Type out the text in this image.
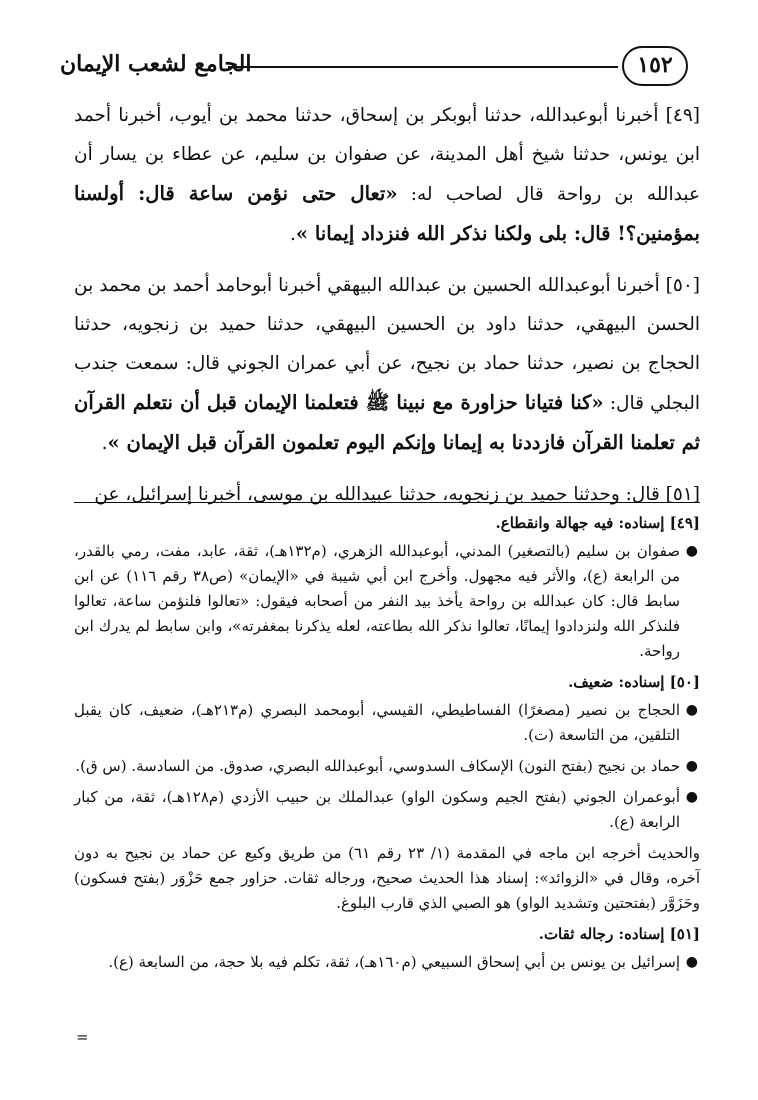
الجامع لشعب الإيمان	١٥٢

[٤٩] أخبرنا أبوعبدالله، حدثنا أبوبكر بن إسحاق، حدثنا محمد بن أيوب، أخبرنا أحمد ابن يونس، حدثنا شيخ أهل المدينة، عن صفوان بن سليم، عن عطاء بن يسار أن عبدالله بن رواحة قال لصاحب له: «تعال حتى نؤمن ساعة قال: أولسنا بمؤمنين؟! قال: بلى ولكنا نذكر الله فنزداد إيمانا ».

[٥٠] أخبرنا أبوعبدالله الحسين بن عبدالله البيهقي أخبرنا أبوحامد أحمد بن محمد بن الحسن البيهقي، حدثنا داود بن الحسين البيهقي، حدثنا حميد بن زنجويه، حدثنا الحجاج بن نصير، حدثنا حماد بن نجيح، عن أبي عمران الجوني قال: سمعت جندب البجلي قال: «كنا فتيانا حزاورة مع نبينا ﷺ فتعلمنا الإيمان قبل أن نتعلم القرآن ثم تعلمنا القرآن فازددنا به إيمانا وإنكم اليوم تعلمون القرآن قبل الإيمان ».

[٥١] قال: وحدثنا حميد بن زنجويه، حدثنا عبيدالله بن موسى، أخبرنا إسرائيل، عن

[٤٩] إسناده: فيه جهالة وانقطاع.
●
صفوان بن سليم (بالتصغير) المدني، أبوعبدالله الزهري، (م١٣٢هـ)، ثقة، عابد، مفت، رمي بالقدر، من الرابعة (ع)، والأثر فيه مجهول. وأخرج ابن أبي شيبة في «الإيمان» (ص٣٨ رقم ١١٦) عن ابن سابط قال: كان عبدالله بن رواحة يأخذ بيد النفر من أصحابه فيقول: «تعالوا فلنؤمن ساعة، تعالوا فلنذكر الله ولنزدادوا إيمانًا، تعالوا نذكر الله بطاعته، لعله يذكرنا بمغفرته»، وابن سابط لم يدرك ابن رواحة.
[٥٠] إسناده: ضعيف.
●
الحجاج بن نصير (مصغرًا) الفساطيطي، القيسي، أبومحمد البصري (م٢١٣هـ)، ضعيف، كان يقبل التلقين، من التاسعة (ت).
●
حماد بن نجيح (بفتح النون) الإسكاف السدوسي، أبوعبدالله البصري، صدوق. من السادسة. (س ق).
●
أبوعمران الجوني (بفتح الجيم وسكون الواو) عبدالملك بن حبيب الأزدي (م١٢٨هـ)، ثقة، من كبار الرابعة (ع).
والحديث أخرجه ابن ماجه في المقدمة (١/ ٢٣ رقم ٦١) من طريق وكيع عن حماد بن نجيح به دون آخره، وقال في «الزوائد»: إسناد هذا الحديث صحيح، ورجاله ثقات. حزاور جمع حَزْوَر (بفتح فسكون) وحَزَوَّر (بفتحتين وتشديد الواو) هو الصبي الذي قارب البلوغ.
[٥١] إسناده: رجاله ثقات.
●
إسرائيل بن يونس بن أبي إسحاق السبيعي (م١٦٠هـ)، ثقة، تكلم فيه بلا حجة، من السابعة (ع).
=
